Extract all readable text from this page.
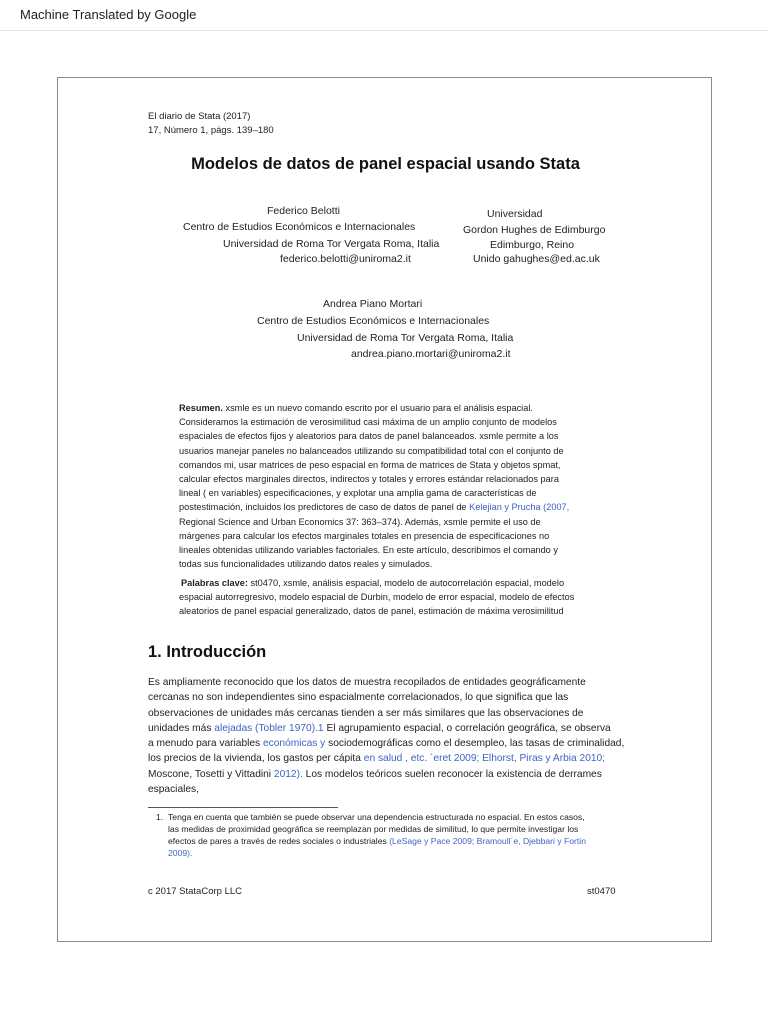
Machine Translated by Google
El diario de Stata (2017)
17, Número 1, págs. 139–180
Modelos de datos de panel espacial usando Stata
Federico Belotti
Centro de Estudios Económicos e Internacionales
Universidad de Roma Tor Vergata Roma, Italia
federico.belotti@uniroma2.it
Universidad
Gordon Hughes de Edimburgo
Edimburgo, Reino
Unido gahughes@ed.ac.uk
Andrea Piano Mortari
Centro de Estudios Económicos e Internacionales
Universidad de Roma Tor Vergata Roma, Italia
andrea.piano.mortari@uniroma2.it
Resumen. xsmle es un nuevo comando escrito por el usuario para el análisis espacial.
Consideramos la estimación de verosimilitud casi máxima de un amplio conjunto de modelos
espaciales de efectos fijos y aleatorios para datos de panel balanceados. xsmle permite a los
usuarios manejar paneles no balanceados utilizando su compatibilidad total con el conjunto de
comandos mi, usar matrices de peso espacial en forma de matrices de Stata y objetos spmat,
calcular efectos marginales directos, indirectos y totales y errores estándar relacionados para
lineal ( en variables) especificaciones, y explotar una amplia gama de características de
postestimación, incluidos los predictores de caso de datos de panel de Kelejian y Prucha (2007,
Regional Science and Urban Economics 37: 363–374). Además, xsmle permite el uso de
márgenes para calcular los efectos marginales totales en presencia de especificaciones no
lineales obtenidas utilizando variables factoriales. En este artículo, describimos el comando y
todas sus funcionalidades utilizando datos reales y simulados.
Palabras clave: st0470, xsmle, análisis espacial, modelo de autocorrelación espacial, modelo
espacial autorregresivo, modelo espacial de Durbin, modelo de error espacial, modelo de efectos
aleatorios de panel espacial generalizado, datos de panel, estimación de máxima verosimilitud
1. Introducción
Es ampliamente reconocido que los datos de muestra recopilados de entidades geográficamente
cercanas no son independientes sino espacialmente correlacionados, lo que significa que las
observaciones de unidades más cercanas tienden a ser más similares que las observaciones de
unidades más alejadas (Tobler 1970).1 El agrupamiento espacial, o correlación geográfica, se observa
a menudo para variables económicas y sociodemográficas como el desempleo, las tasas de criminalidad,
los precios de la vivienda, los gastos per cápita en salud , etc. ´eret 2009; Elhorst, Piras y Arbia 2010;
Moscone, Tosetti y Vittadini 2012). Los modelos teóricos suelen reconocer la existencia de derrames
espaciales,
1. Tenga en cuenta que también se puede observar una dependencia estructurada no espacial. En estos casos,
las medidas de proximidad geográfica se reemplazan por medidas de similitud, lo que permite investigar los
efectos de pares a través de redes sociales o industriales (LeSage y Pace 2009; Bramoull´e, Djebbari y Fortin
2009).
c 2017 StataCorp LLC	st0470
